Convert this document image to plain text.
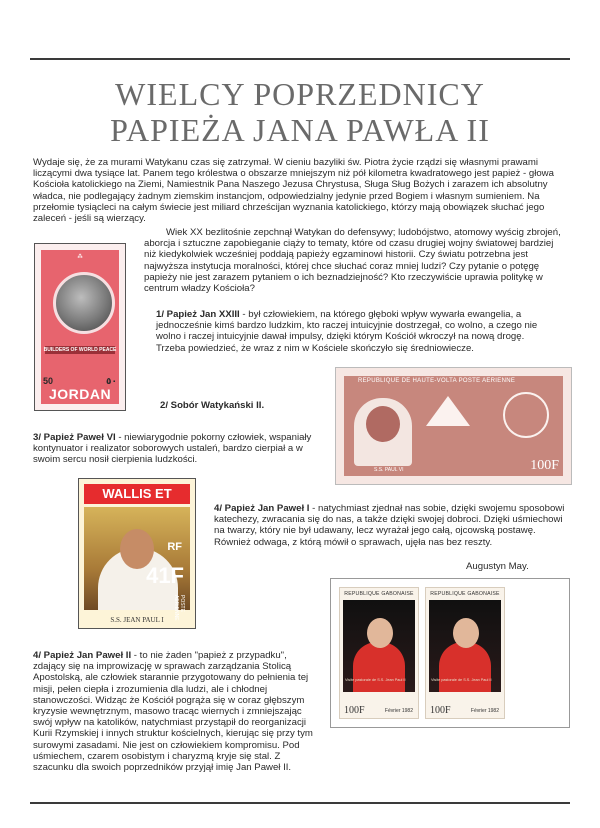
WIELCY POPRZEDNICY
PAPIEŻA JANA PAWŁA II
Wydaje się, że za murami Watykanu czas się zatrzymał. W cieniu bazyliki św. Piotra życie rządzi się własnymi prawami liczącymi dwa tysiące lat. Panem tego królestwa o obszarze mniejszym niż pół kilometra kwadratowego jest papież - głowa Kościoła katolickiego na Ziemi, Namiestnik Pana Naszego Jezusa Chrystusa, Sługa Sług Bożych i zarazem ich absolutny władca, nie podlegający żadnym ziemskim instancjom, odpowiedzialny jedynie przed Bogiem i własnym sumieniem. Na przełomie tysiącleci na całym świecie jest miliard chrześcijan wyznania katolickiego, którzy mają obowiązek słuchać jego zaleceń - jeśli są wierzący.
Wiek XX bezlitośnie zepchnął Watykan do defensywy; ludobójstwo, atomowy wyścig zbrojeń, aborcja i sztuczne zapobieganie ciąży to tematy, które od czasu drugiej wojny światowej bardziej niż kiedykolwiek wcześniej poddają papieży egzaminowi historii. Czy światu potrzebna jest najwyższa instytucja moralności, której chce słuchać coraz mniej ludzi? Czy pytanie o potęgę papieży nie jest zarazem pytaniem o ich beznadziejność? Kto rzeczywiście uprawia politykę w centrum władzy Kościoła?
⁂
BUILDERS OF WORLD PEACE
50	٥٠
JORDAN
1/ Papież Jan XXIII - był człowiekiem, na którego głęboki wpływ wywarła ewangelia, a jednocześnie kimś bardzo ludzkim, kto raczej intuicyjnie dostrzegał, co wolno, a czego nie wolno i raczej intuicyjnie dawał impulsy, dzięki którym Kościół wkroczył na nową drogę. Trzeba powiedzieć, że wraz z nim w Kościele skończyło się średniowiecze.
2/ Sobór Watykański II.
REPUBLIQUE DE HAUTE-VOLTA POSTE AERIENNE
S.S. PAUL VI	100F
3/ Papież Paweł VI - niewiarygodnie pokorny człowiek, wspaniały kontynuator i realizator soborowych ustaleń, bardzo cierpiał a w swoim sercu nosił cierpienia ludzkości.
WALLIS ET
RF
41F
POSTE AERIENNE
S.S. JEAN PAUL I
4/ Papież Jan Paweł I - natychmiast zjednał nas sobie, dzięki swojemu sposobowi katechezy, zwracania się do nas, a także dzięki swojej dobroci. Dzięki uśmiechowi na twarzy, który nie był udawany, lecz wyrażał jego całą, ojcowską postawę. Również odwaga, z którą mówił o sprawach, ujęła nas bez reszty.
Augustyn May.
REPUBLIQUE GABONAISE
Visite pastorale de S.S. Jean Paul II
100F	Février 1982
REPUBLIQUE GABONAISE
Visite pastorale de S.S. Jean Paul II
100F	Février 1982
4/ Papież Jan Paweł II - to nie żaden "papież z przypadku", zdający się na improwizację w sprawach zarządzania Stolicą Apostolską, ale człowiek starannie przygotowany do pełnienia tej misji, pełen ciepła i zrozumienia dla ludzi, ale i chłodnej stanowczości. Widząc że Kościół pogrąża się w coraz głębszym kryzysie wewnętrznym, masowo tracąc wiernych i zmniejszając swój wpływ na katolików, natychmiast przystąpił do reorganizacji Kurii Rzymskiej i innych struktur kościelnych, kierując się przy tym surowymi zasadami. Nie jest on człowiekiem kompromisu. Pod uśmiechem, czarem osobistym i charyzmą kryje się stal. Z szacunku dla swoich poprzedników przyjął imię Jan Paweł II.
